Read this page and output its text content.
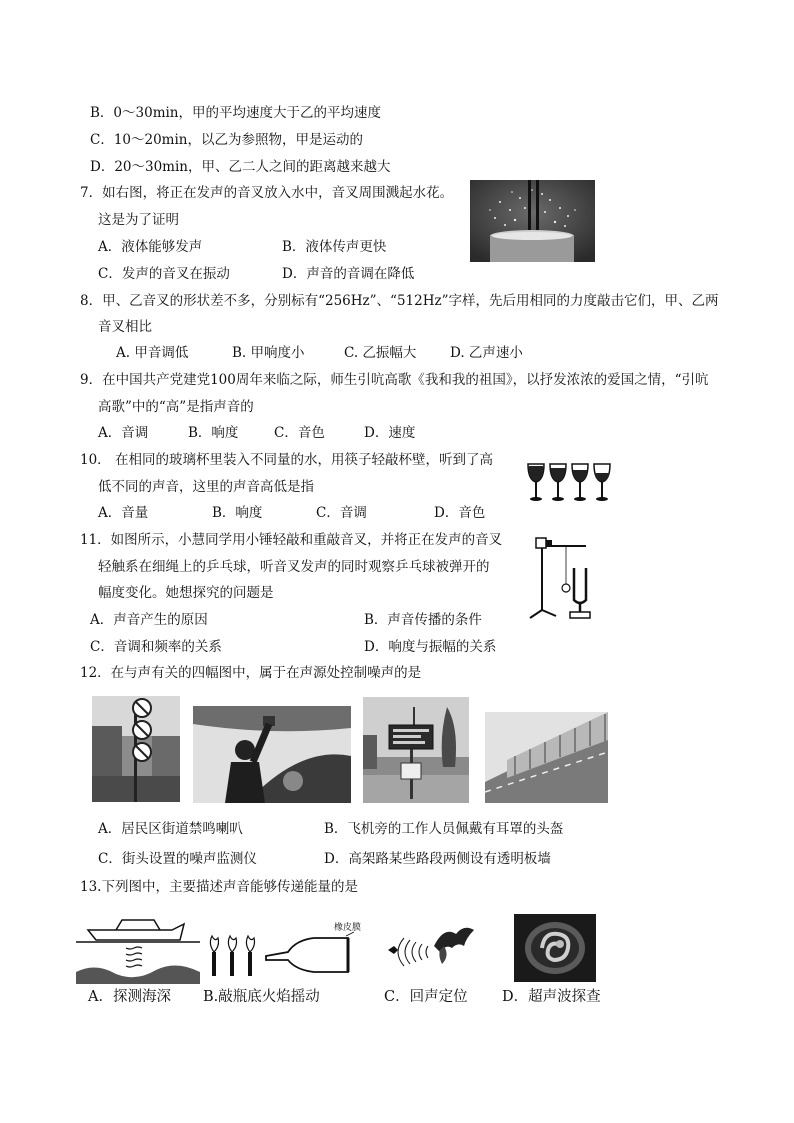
B．0～30min，甲的平均速度大于乙的平均速度
C．10～20min，以乙为参照物，甲是运动的
D．20～30min，甲、乙二人之间的距离越来越大
7．如右图，将正在发声的音叉放入水中，音叉周围溅起水花。
这是为了证明
A．液体能够发声	B．液体传声更快
C．发声的音叉在振动	D．声音的音调在降低
8．甲、乙音叉的形状差不多，分别标有“256Hz”、“512Hz”字样，先后用相同的力度敲击它们，甲、乙两
音叉相比
A. 甲音调低	B. 甲响度小	C. 乙振幅大 D. 乙声速小
9．在中国共产党建党100周年来临之际，师生引吭高歌《我和我的祖国》，以抒发浓浓的爱国之情，“引吭
高歌”中的“高”是指声音的
A．音调	B．响度	C．音色	D．速度
10． 在相同的玻璃杯里装入不同量的水，用筷子轻敲杯壁，听到了高
低不同的声音，这里的声音高低是指
A．音量	B．响度	C．音调	D．音色
11．如图所示，小慧同学用小锤轻敲和重敲音叉，并将正在发声的音叉
轻触系在细绳上的乒乓球，听音叉发声的同时观察乒乓球被弹开的
幅度变化。她想探究的问题是
A．声音产生的原因	B．声音传播的条件
C．音调和频率的关系	D．响度与振幅的关系
12．在与声有关的四幅图中，属于在声源处控制噪声的是
A．居民区街道禁鸣喇叭	B．飞机旁的工作人员佩戴有耳罩的头盔
C．街头设置的噪声监测仪	D．高架路某些路段两侧设有透明板墙
13.下列图中，主要描述声音能够传递能量的是
橡皮膜
A．探测海深 B.敲瓶底火焰摇动	C．回声定位 D．超声波探查
